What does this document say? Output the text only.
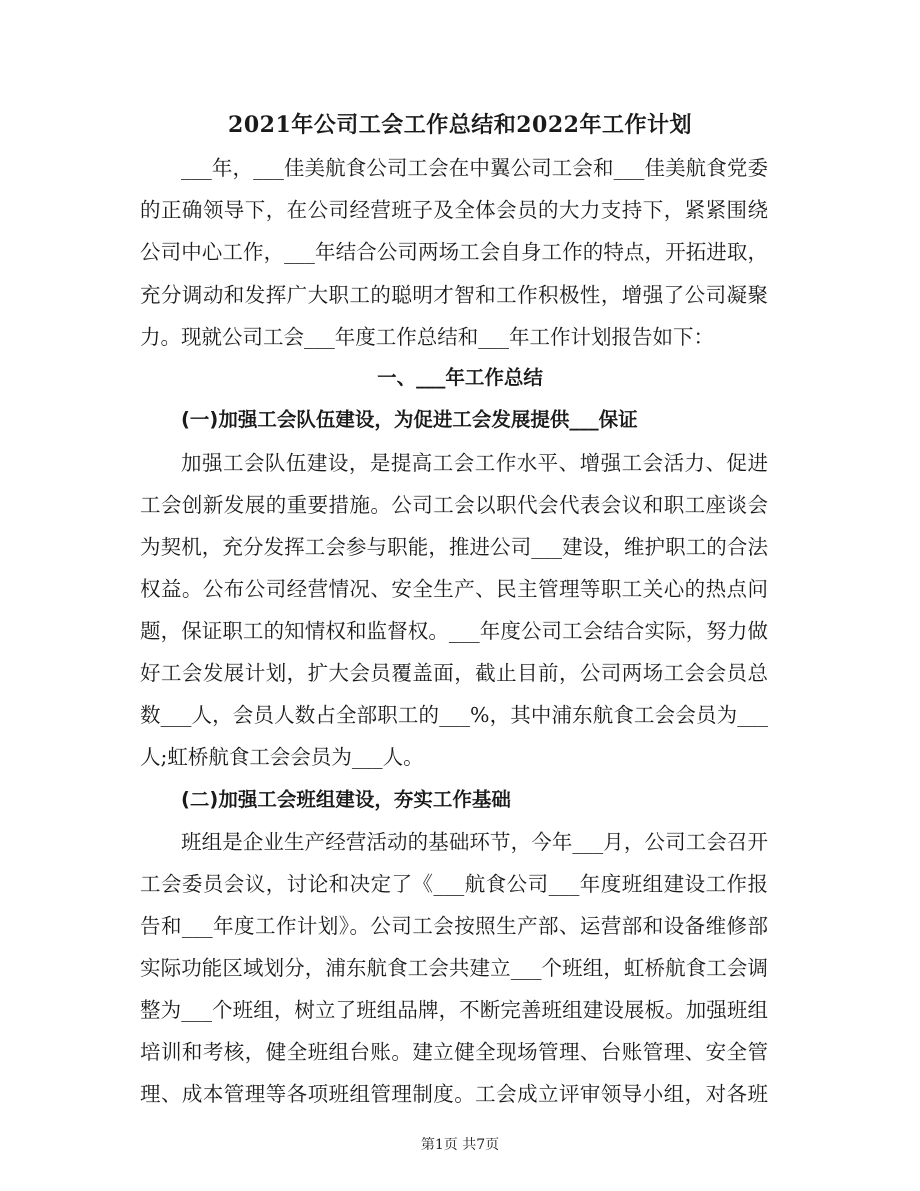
2021年公司工会工作总结和2022年工作计划
___年，___佳美航食公司工会在中翼公司工会和___佳美航食党委
的正确领导下，在公司经营班子及全体会员的大力支持下，紧紧围绕
公司中心工作，___年结合公司两场工会自身工作的特点，开拓进取，
充分调动和发挥广大职工的聪明才智和工作积极性，增强了公司凝聚
力。现就公司工会___年度工作总结和___年工作计划报告如下：
一、___年工作总结
(一)加强工会队伍建设，为促进工会发展提供___保证
加强工会队伍建设，是提高工会工作水平、增强工会活力、促进
工会创新发展的重要措施。公司工会以职代会代表会议和职工座谈会
为契机，充分发挥工会参与职能，推进公司___建设，维护职工的合法
权益。公布公司经营情况、安全生产、民主管理等职工关心的热点问
题，保证职工的知情权和监督权。___年度公司工会结合实际，努力做
好工会发展计划，扩大会员覆盖面，截止目前，公司两场工会会员总
数___人，会员人数占全部职工的___%，其中浦东航食工会会员为___
人;虹桥航食工会会员为___人。
(二)加强工会班组建设，夯实工作基础
班组是企业生产经营活动的基础环节，今年___月，公司工会召开
工会委员会议，讨论和决定了《___航食公司___年度班组建设工作报
告和___年度工作计划》。公司工会按照生产部、运营部和设备维修部
实际功能区域划分，浦东航食工会共建立___个班组，虹桥航食工会调
整为___个班组，树立了班组品牌，不断完善班组建设展板。加强班组
培训和考核，健全班组台账。建立健全现场管理、台账管理、安全管
理、成本管理等各项班组管理制度。工会成立评审领导小组，对各班
第1页 共7页
